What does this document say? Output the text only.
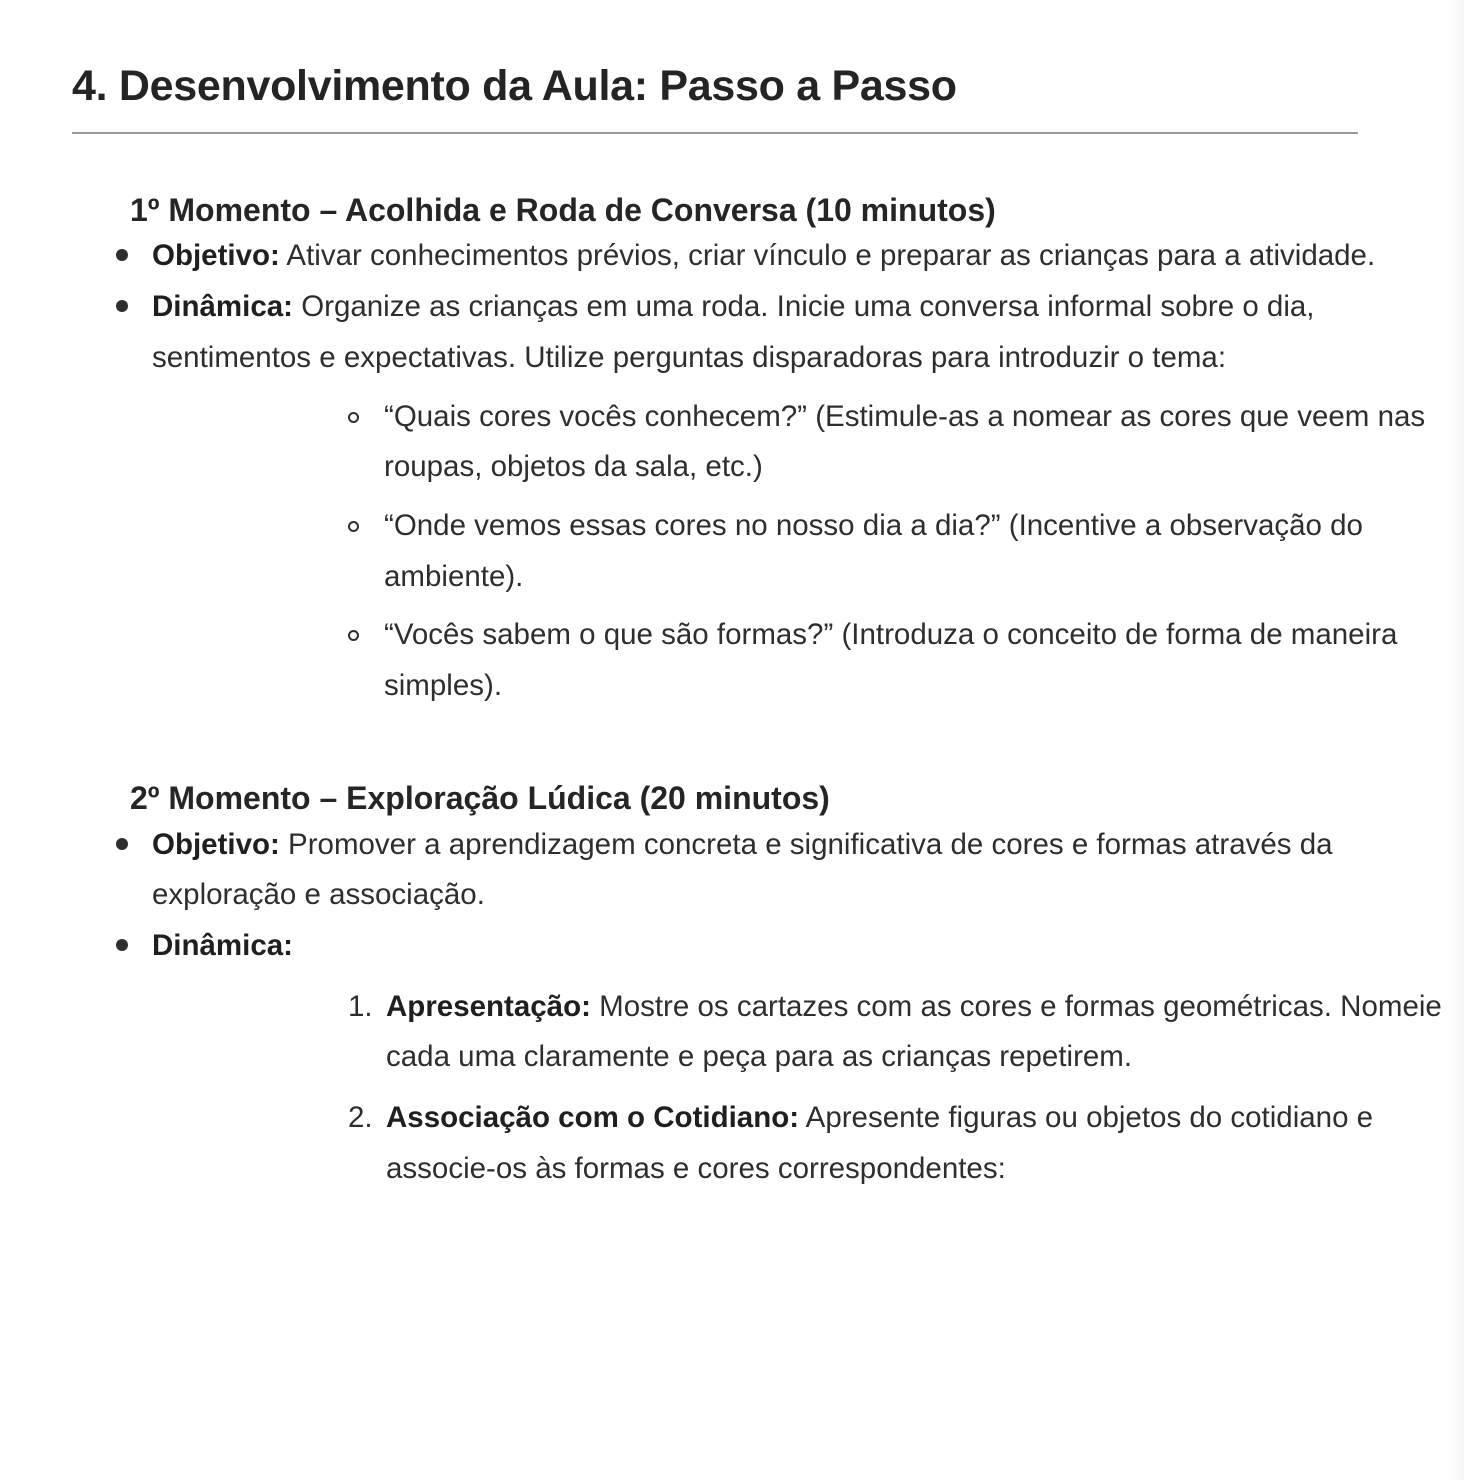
4. Desenvolvimento da Aula: Passo a Passo
1º Momento – Acolhida e Roda de Conversa (10 minutos)
Objetivo: Ativar conhecimentos prévios, criar vínculo e preparar as crianças para a atividade.
Dinâmica: Organize as crianças em uma roda. Inicie uma conversa informal sobre o dia, sentimentos e expectativas. Utilize perguntas disparadoras para introduzir o tema:
“Quais cores vocês conhecem?” (Estimule-as a nomear as cores que veem nas roupas, objetos da sala, etc.)
“Onde vemos essas cores no nosso dia a dia?” (Incentive a observação do ambiente).
“Vocês sabem o que são formas?” (Introduza o conceito de forma de maneira simples).
2º Momento – Exploração Lúdica (20 minutos)
Objetivo: Promover a aprendizagem concreta e significativa de cores e formas através da exploração e associação.
Dinâmica:
1. Apresentação: Mostre os cartazes com as cores e formas geométricas. Nomeie cada uma claramente e peça para as crianças repetirem.
2. Associação com o Cotidiano: Apresente figuras ou objetos do cotidiano e associe-os às formas e cores correspondentes:
